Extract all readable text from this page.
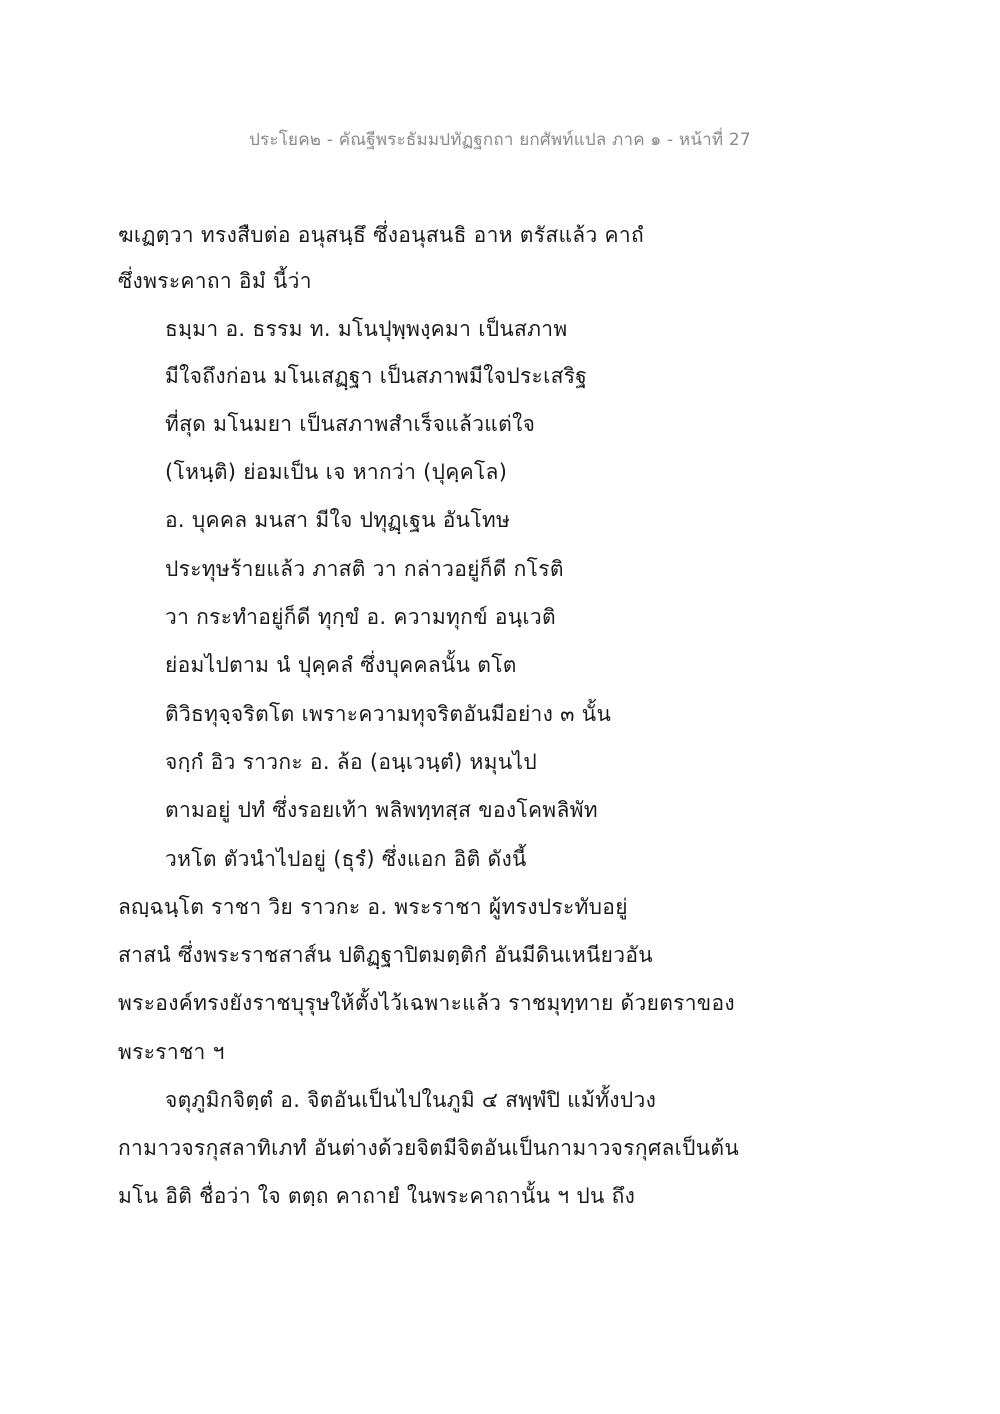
ประโยค๒ - คัณฐีพระธัมมปทัฏฐกถา ยกศัพท์แปล ภาค ๑ - หน้าที่ 27
ฆเฏตฺวา ทรงสืบต่อ อนุสนฺธึ ซึ่งอนุสนธิ อาห ตรัสแล้ว คาถํ
ซึ่งพระคาถา อิมํ นี้ว่า
ธมฺมา อ. ธรรม ท. มโนปุพฺพงฺคมา เป็นสภาพ
มีใจถึงก่อน มโนเสฏฺฐา เป็นสภาพมีใจประเสริฐ
ที่สุด มโนมยา เป็นสภาพสำเร็จแล้วแต่ใจ
(โหนฺติ) ย่อมเป็น เจ หากว่า (ปุคฺคโล)
อ. บุคคล มนสา มีใจ ปทุฏฺเฐน อันโทษ
ประทุษร้ายแล้ว ภาสติ วา กล่าวอยู่ก็ดี กโรติ
วา กระทำอยู่ก็ดี ทุกฺขํ อ. ความทุกข์ อนฺเวติ
ย่อมไปตาม นํ ปุคฺคลํ ซึ่งบุคคลนั้น ตโต
ติวิธทุจฺจริตโต เพราะความทุจริตอันมีอย่าง ๓ นั้น
จกฺกํ อิว ราวกะ อ. ล้อ (อนฺเวนฺตํ) หมุนไป
ตามอยู่ ปทํ ซึ่งรอยเท้า พลิพทฺทสฺส ของโคพลิพัท
วหโต ตัวนำไปอยู่ (ธุรํ) ซึ่งแอก อิติ ดังนี้
ลญฺฉนฺโต ราชา วิย ราวกะ อ. พระราชา ผู้ทรงประทับอยู่
สาสนํ ซึ่งพระราชสาส์น ปติฏฺฐาปิตมตฺติกํ อันมีดินเหนียวอัน
พระองค์ทรงยังราชบุรุษให้ตั้งไว้เฉพาะแล้ว ราชมุทฺทาย ด้วยตราของ
พระราชา ฯ
จตุภูมิกจิตฺตํ อ. จิตอันเป็นไปในภูมิ ๔ สพฺพํปิ แม้ทั้งปวง
กามาวจรกุสลาทิเภทํ อันต่างด้วยจิตมีจิตอันเป็นกามาวจรกุศลเป็นต้น
มโน อิติ ชื่อว่า ใจ ตตฺถ คาถายํ ในพระคาถานั้น ฯ ปน ถึง
